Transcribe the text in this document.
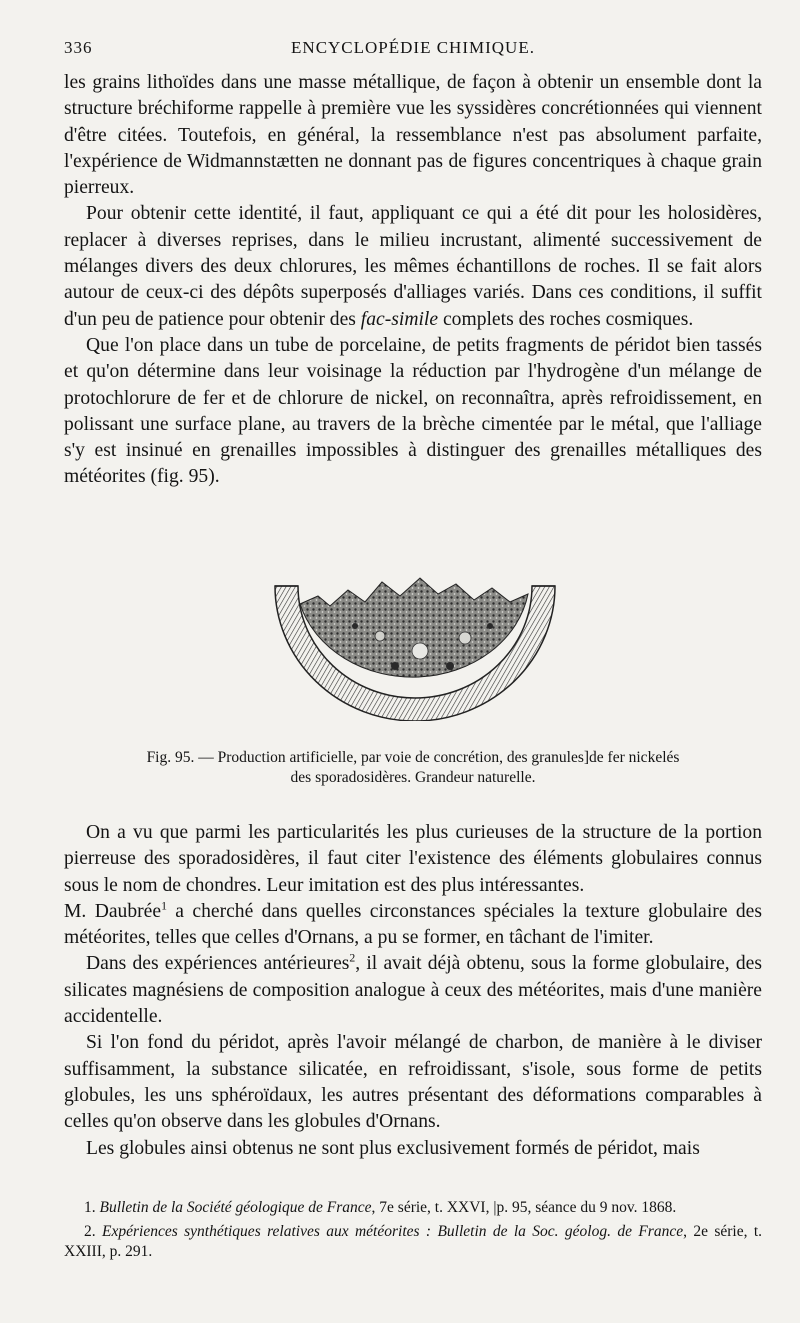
336	ENCYCLOPÉDIE CHIMIQUE.

les grains lithoïdes dans une masse métallique, de façon à obtenir un ensemble dont la structure bréchiforme rappelle à première vue les syssidères concrétionnées qui viennent d'être citées. Toutefois, en général, la ressemblance n'est pas absolument parfaite, l'expérience de Widmannstætten ne donnant pas de figures concentriques à chaque grain pierreux.

Pour obtenir cette identité, il faut, appliquant ce qui a été dit pour les holosidères, replacer à diverses reprises, dans le milieu incrustant, alimenté successivement de mélanges divers des deux chlorures, les mêmes échantillons de roches. Il se fait alors autour de ceux-ci des dépôts superposés d'alliages variés. Dans ces conditions, il suffit d'un peu de patience pour obtenir des fac-simile complets des roches cosmiques.

Que l'on place dans un tube de porcelaine, de petits fragments de péridot bien tassés et qu'on détermine dans leur voisinage la réduction par l'hydrogène d'un mélange de protochlorure de fer et de chlorure de nickel, on reconnaîtra, après refroidissement, en polissant une surface plane, au travers de la brèche cimentée par le métal, que l'alliage s'y est insinué en grenailles impossibles à distinguer des grenailles métalliques des météorites (fig. 95).

Fig. 95. — Production artificielle, par voie de concrétion, des granules]de fer nickelés
des sporadosidères. Grandeur naturelle.

On a vu que parmi les particularités les plus curieuses de la structure de la portion pierreuse des sporadosidères, il faut citer l'existence des éléments globulaires connus sous le nom de chondres. Leur imitation est des plus intéressantes.

M. Daubrée$^1$ a cherché dans quelles circonstances spéciales la texture globulaire des météorites, telles que celles d'Ornans, a pu se former, en tâchant de l'imiter.

Dans des expériences antérieures$^2$, il avait déjà obtenu, sous la forme globulaire, des silicates magnésiens de composition analogue à ceux des météorites, mais d'une manière accidentelle.

Si l'on fond du péridot, après l'avoir mélangé de charbon, de manière à le diviser suffisamment, la substance silicatée, en refroidissant, s'isole, sous forme de petits globules, les uns sphéroïdaux, les autres présentant des déformations comparables à celles qu'on observe dans les globules d'Ornans.

Les globules ainsi obtenus ne sont plus exclusivement formés de péridot, mais

1. Bulletin de la Société géologique de France, 7e série, t. XXVI, |p. 95, séance du 9 nov. 1868.

2. Expériences synthétiques relatives aux météorites : Bulletin de la Soc. géolog. de France, 2e série, t. XXIII, p. 291.
